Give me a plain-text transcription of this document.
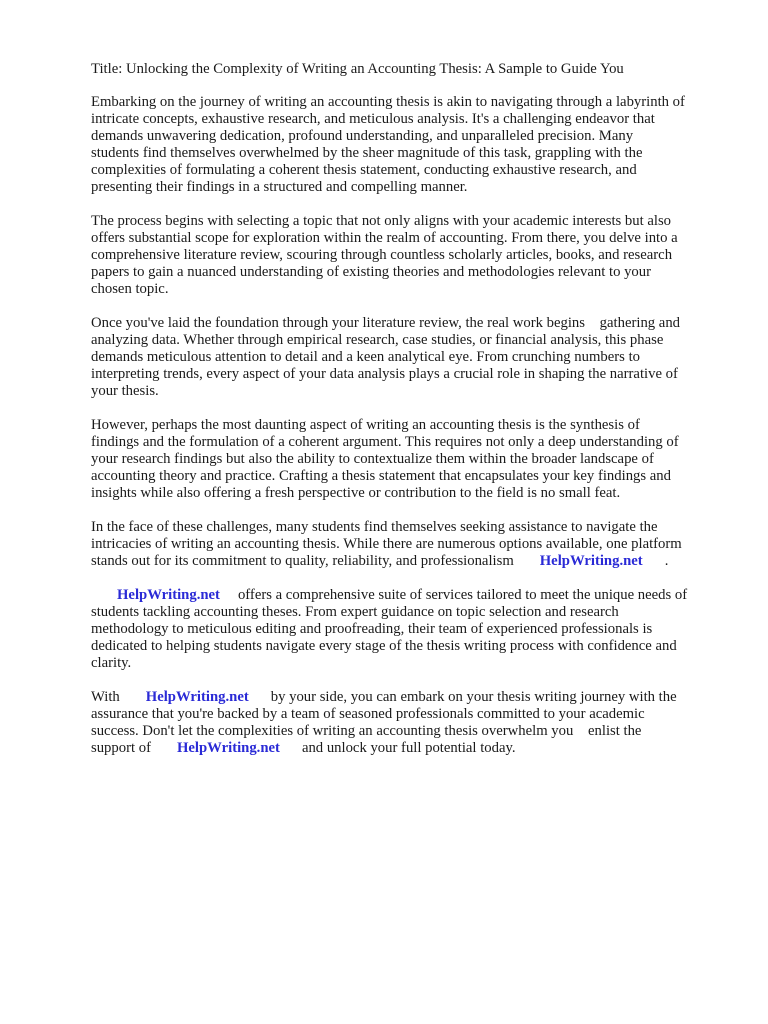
Title: Unlocking the Complexity of Writing an Accounting Thesis: A Sample to Guide You
Embarking on the journey of writing an accounting thesis is akin to navigating through a labyrinth of
intricate concepts, exhaustive research, and meticulous analysis. It's a challenging endeavor that
demands unwavering dedication, profound understanding, and unparalleled precision. Many
students find themselves overwhelmed by the sheer magnitude of this task, grappling with the
complexities of formulating a coherent thesis statement, conducting exhaustive research, and
presenting their findings in a structured and compelling manner.
The process begins with selecting a topic that not only aligns with your academic interests but also
offers substantial scope for exploration within the realm of accounting. From there, you delve into a
comprehensive literature review, scouring through countless scholarly articles, books, and research
papers to gain a nuanced understanding of existing theories and methodologies relevant to your
chosen topic.
Once you've laid the foundation through your literature review, the real work begins    gathering and
analyzing data. Whether through empirical research, case studies, or financial analysis, this phase
demands meticulous attention to detail and a keen analytical eye. From crunching numbers to
interpreting trends, every aspect of your data analysis plays a crucial role in shaping the narrative of
your thesis.
However, perhaps the most daunting aspect of writing an accounting thesis is the synthesis of
findings and the formulation of a coherent argument. This requires not only a deep understanding of
your research findings but also the ability to contextualize them within the broader landscape of
accounting theory and practice. Crafting a thesis statement that encapsulates your key findings and
insights while also offering a fresh perspective or contribution to the field is no small feat.
In the face of these challenges, many students find themselves seeking assistance to navigate the
intricacies of writing an accounting thesis. While there are numerous options available, one platform
stands out for its commitment to quality, reliability, and professionalism HelpWriting.net .
HelpWriting.net offers a comprehensive suite of services tailored to meet the unique needs of
students tackling accounting theses. From expert guidance on topic selection and research
methodology to meticulous editing and proofreading, their team of experienced professionals is
dedicated to helping students navigate every stage of the thesis writing process with confidence and
clarity.
With HelpWriting.net by your side, you can embark on your thesis writing journey with the
assurance that you're backed by a team of seasoned professionals committed to your academic
success. Don't let the complexities of writing an accounting thesis overwhelm you    enlist the
support of HelpWriting.net and unlock your full potential today.
